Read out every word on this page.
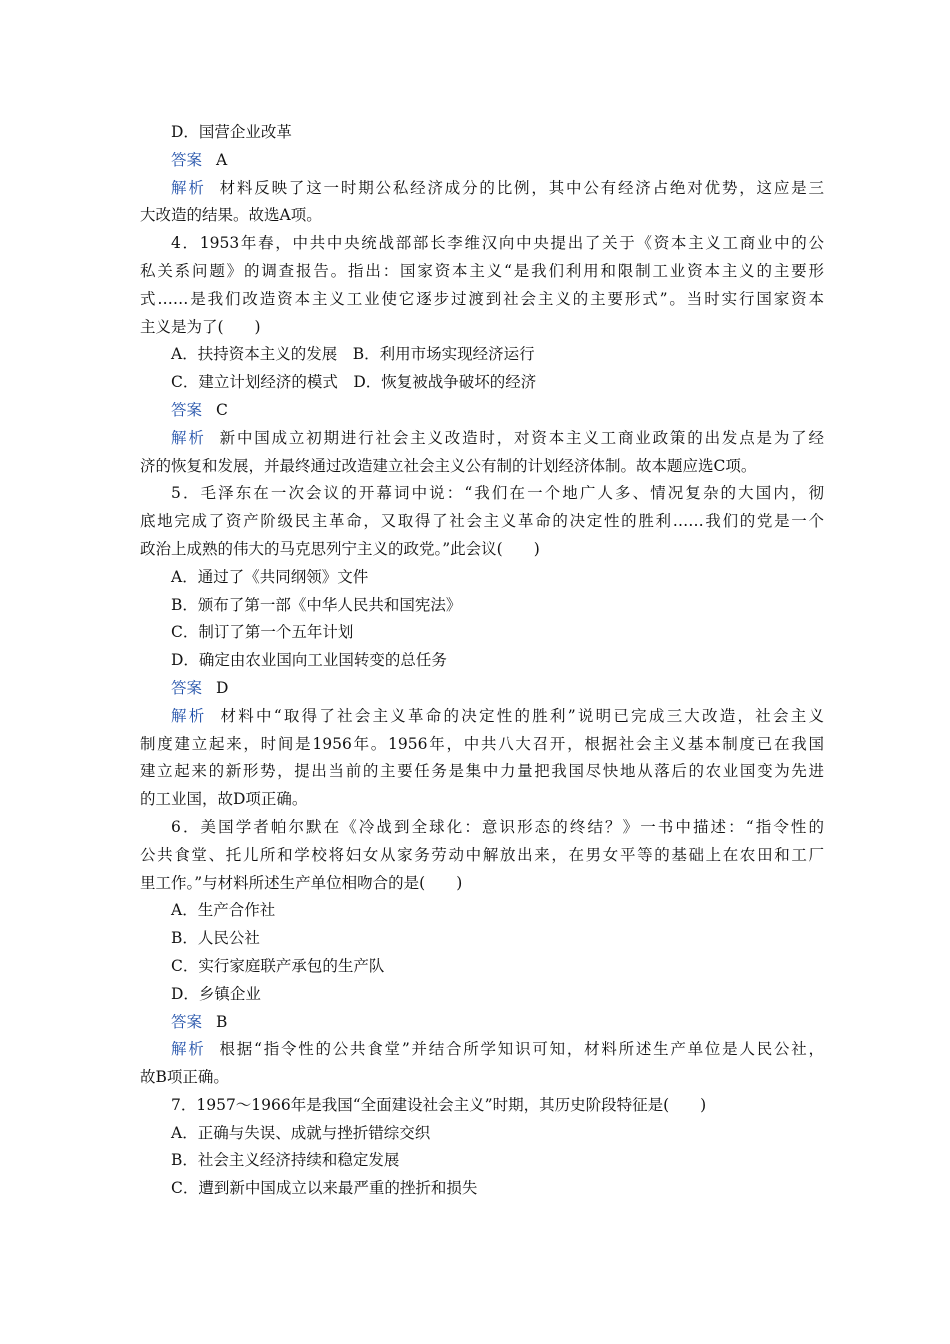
D．国营企业改革
答案 A
解析 材料反映了这一时期公私经济成分的比例，其中公有经济占绝对优势，这应是三
大改造的结果。故选A项。
4．1953年春，中共中央统战部部长李维汉向中央提出了关于《资本主义工商业中的公
私关系问题》的调查报告。指出：国家资本主义“是我们利用和限制工业资本主义的主要形
式……是我们改造资本主义工业使它逐步过渡到社会主义的主要形式”。当时实行国家资本
主义是为了(　　)
A．扶持资本主义的发展　B．利用市场实现经济运行
C．建立计划经济的模式　D．恢复被战争破坏的经济
答案 C
解析 新中国成立初期进行社会主义改造时，对资本主义工商业政策的出发点是为了经
济的恢复和发展，并最终通过改造建立社会主义公有制的计划经济体制。故本题应选C项。
5．毛泽东在一次会议的开幕词中说：“我们在一个地广人多、情况复杂的大国内，彻
底地完成了资产阶级民主革命，又取得了社会主义革命的决定性的胜利……我们的党是一个
政治上成熟的伟大的马克思列宁主义的政党。”此会议(　　)
A．通过了《共同纲领》文件
B．颁布了第一部《中华人民共和国宪法》
C．制订了第一个五年计划
D．确定由农业国向工业国转变的总任务
答案 D
解析 材料中“取得了社会主义革命的决定性的胜利”说明已完成三大改造，社会主义
制度建立起来，时间是1956年。1956年，中共八大召开，根据社会主义基本制度已在我国
建立起来的新形势，提出当前的主要任务是集中力量把我国尽快地从落后的农业国变为先进
的工业国，故D项正确。
6．美国学者帕尔默在《冷战到全球化：意识形态的终结？》一书中描述：“指令性的
公共食堂、托儿所和学校将妇女从家务劳动中解放出来，在男女平等的基础上在农田和工厂
里工作。”与材料所述生产单位相吻合的是(　　)
A．生产合作社
B．人民公社
C．实行家庭联产承包的生产队
D．乡镇企业
答案 B
解析 根据“指令性的公共食堂”并结合所学知识可知，材料所述生产单位是人民公社，
故B项正确。
7．1957～1966年是我国“全面建设社会主义”时期，其历史阶段特征是(　　)
A．正确与失误、成就与挫折错综交织
B．社会主义经济持续和稳定发展
C．遭到新中国成立以来最严重的挫折和损失
